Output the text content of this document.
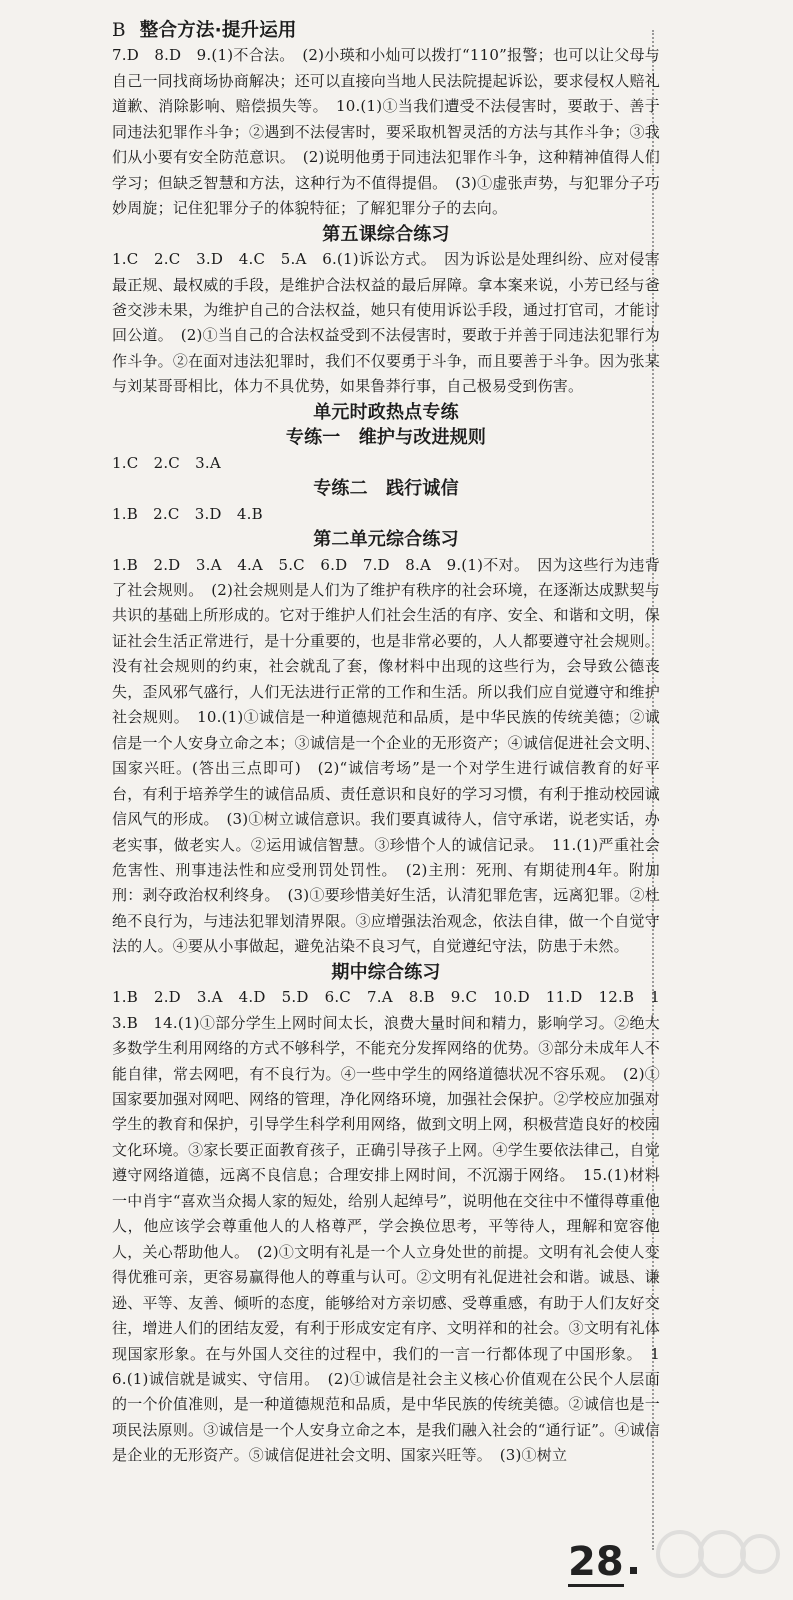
B 整合方法·提升运用

7.D　8.D　9.(1)不合法。　(2)小瑛和小灿可以拨打“110”报警；也可以让父母与自己一同找商场协商解决；还可以直接向当地人民法院提起诉讼，要求侵权人赔礼道歉、消除影响、赔偿损失等。　10.(1)①当我们遭受不法侵害时，要敢于、善于同违法犯罪作斗争；②遇到不法侵害时，要采取机智灵活的方法与其作斗争；③我们从小要有安全防范意识。　(2)说明他勇于同违法犯罪作斗争，这种精神值得人们学习；但缺乏智慧和方法，这种行为不值得提倡。　(3)①虚张声势，与犯罪分子巧妙周旋；记住犯罪分子的体貌特征；了解犯罪分子的去向。

第五课综合练习

1.C　2.C　3.D　4.C　5.A　6.(1)诉讼方式。　因为诉讼是处理纠纷、应对侵害最正规、最权威的手段，是维护合法权益的最后屏障。拿本案来说，小芳已经与爸爸交涉未果，为维护自己的合法权益，她只有使用诉讼手段，通过打官司，才能讨回公道。　(2)①当自己的合法权益受到不法侵害时，要敢于并善于同违法犯罪行为作斗争。②在面对违法犯罪时，我们不仅要勇于斗争，而且要善于斗争。因为张某与刘某哥哥相比，体力不具优势，如果鲁莽行事，自己极易受到伤害。

单元时政热点专练
专练一　维护与改进规则

1.C　2.C　3.A

专练二　践行诚信

1.B　2.C　3.D　4.B

第二单元综合练习

1.B　2.D　3.A　4.A　5.C　6.D　7.D　8.A　9.(1)不对。　因为这些行为违背了社会规则。　(2)社会规则是人们为了维护有秩序的社会环境，在逐渐达成默契与共识的基础上所形成的。它对于维护人们社会生活的有序、安全、和谐和文明，保证社会生活正常进行，是十分重要的，也是非常必要的，人人都要遵守社会规则。没有社会规则的约束，社会就乱了套，像材料中出现的这些行为，会导致公德丧失，歪风邪气盛行，人们无法进行正常的工作和生活。所以我们应自觉遵守和维护社会规则。　10.(1)①诚信是一种道德规范和品质，是中华民族的传统美德；②诚信是一个人安身立命之本；③诚信是一个企业的无形资产；④诚信促进社会文明、国家兴旺。(答出三点即可)　(2)“诚信考场”是一个对学生进行诚信教育的好平台，有利于培养学生的诚信品质、责任意识和良好的学习习惯，有利于推动校园诚信风气的形成。　(3)①树立诚信意识。我们要真诚待人，信守承诺，说老实话，办老实事，做老实人。②运用诚信智慧。③珍惜个人的诚信记录。　11.(1)严重社会危害性、刑事违法性和应受刑罚处罚性。　(2)主刑：死刑、有期徒刑4年。附加刑：剥夺政治权利终身。　(3)①要珍惜美好生活，认清犯罪危害，远离犯罪。②杜绝不良行为，与违法犯罪划清界限。③应增强法治观念，依法自律，做一个自觉守法的人。④要从小事做起，避免沾染不良习气，自觉遵纪守法，防患于未然。

期中综合练习

1.B　2.D　3.A　4.D　5.D　6.C　7.A　8.B　9.C　10.D　11.D　12.B　13.B　14.(1)①部分学生上网时间太长，浪费大量时间和精力，影响学习。②绝大多数学生利用网络的方式不够科学，不能充分发挥网络的优势。③部分未成年人不能自律，常去网吧，有不良行为。④一些中学生的网络道德状况不容乐观。　(2)①国家要加强对网吧、网络的管理，净化网络环境，加强社会保护。②学校应加强对学生的教育和保护，引导学生科学利用网络，做到文明上网，积极营造良好的校园文化环境。③家长要正面教育孩子，正确引导孩子上网。④学生要依法律己，自觉遵守网络道德，远离不良信息；合理安排上网时间，不沉溺于网络。　15.(1)材料一中肖宇“喜欢当众揭人家的短处，给别人起绰号”，说明他在交往中不懂得尊重他人，他应该学会尊重他人的人格尊严，学会换位思考，平等待人，理解和宽容他人，关心帮助他人。　(2)①文明有礼是一个人立身处世的前提。文明有礼会使人变得优雅可亲，更容易赢得他人的尊重与认可。②文明有礼促进社会和谐。诚恳、谦逊、平等、友善、倾听的态度，能够给对方亲切感、受尊重感，有助于人们友好交往，增进人们的团结友爱，有利于形成安定有序、文明祥和的社会。③文明有礼体现国家形象。在与外国人交往的过程中，我们的一言一行都体现了中国形象。　16.(1)诚信就是诚实、守信用。　(2)①诚信是社会主义核心价值观在公民个人层面的一个价值准则，是一种道德规范和品质，是中华民族的传统美德。②诚信也是一项民法原则。③诚信是一个人安身立命之本，是我们融入社会的“通行证”。④诚信是企业的无形资产。⑤诚信促进社会文明、国家兴旺等。　(3)①树立

28
